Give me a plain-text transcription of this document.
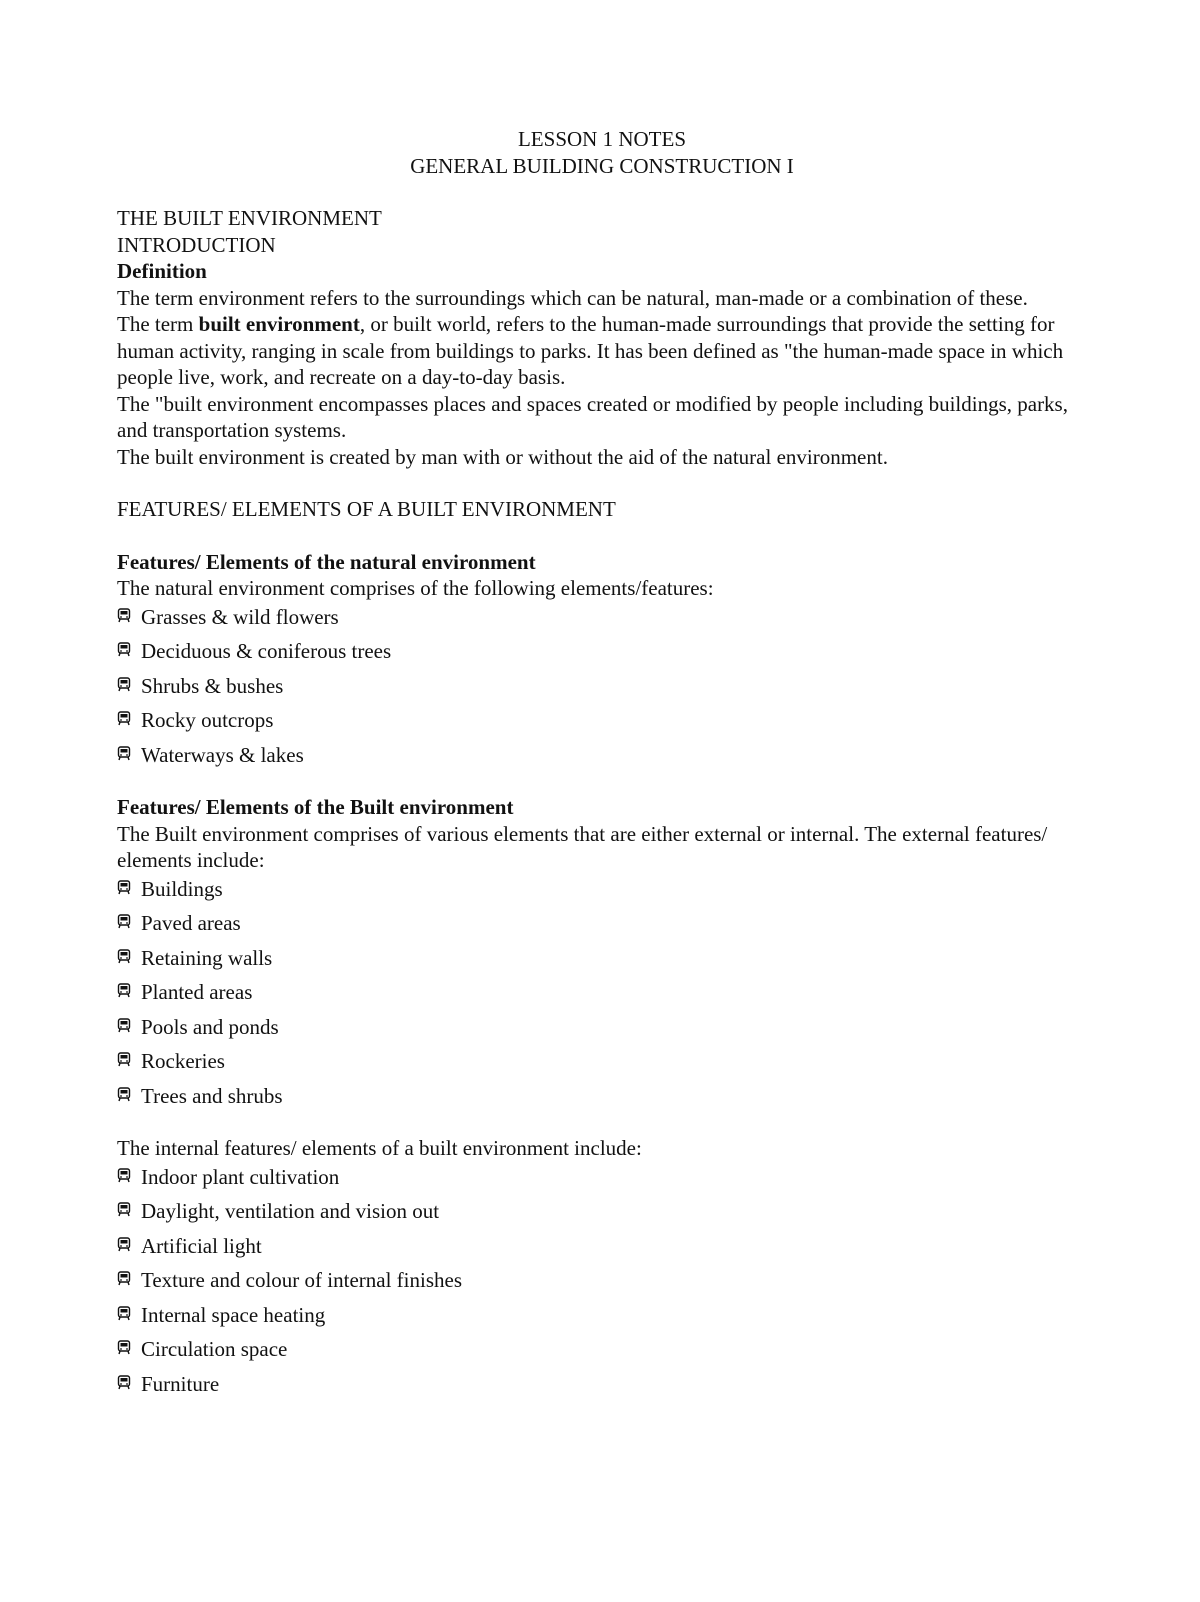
LESSON 1 NOTES

GENERAL BUILDING CONSTRUCTION I

THE BUILT ENVIRONMENT

INTRODUCTION

Definition

The term environment refers to the surroundings which can be natural, man-made or a combination of these.

The term built environment, or built world, refers to the human-made surroundings that provide the setting for human activity, ranging in scale from buildings to parks. It has been defined as "the human-made space in which people live, work, and recreate on a day-to-day basis.

The "built environment encompasses places and spaces created or modified by people including buildings, parks, and transportation systems.

The built environment is created by man with or without the aid of the natural environment.

FEATURES/ ELEMENTS OF A BUILT ENVIRONMENT

Features/ Elements of the natural environment

The natural environment comprises of the following elements/features:

Grasses & wild flowers
Deciduous & coniferous trees
Shrubs & bushes
Rocky outcrops
Waterways & lakes

Features/ Elements of the Built environment

The Built environment comprises of various elements that are either external or internal. The external features/ elements include:

Buildings
Paved areas
Retaining walls
Planted areas
Pools and ponds
Rockeries
Trees and shrubs

The internal features/ elements of a built environment include:

Indoor plant cultivation
Daylight, ventilation and vision out
Artificial light
Texture and colour of internal finishes
Internal space heating
Circulation space
Furniture
